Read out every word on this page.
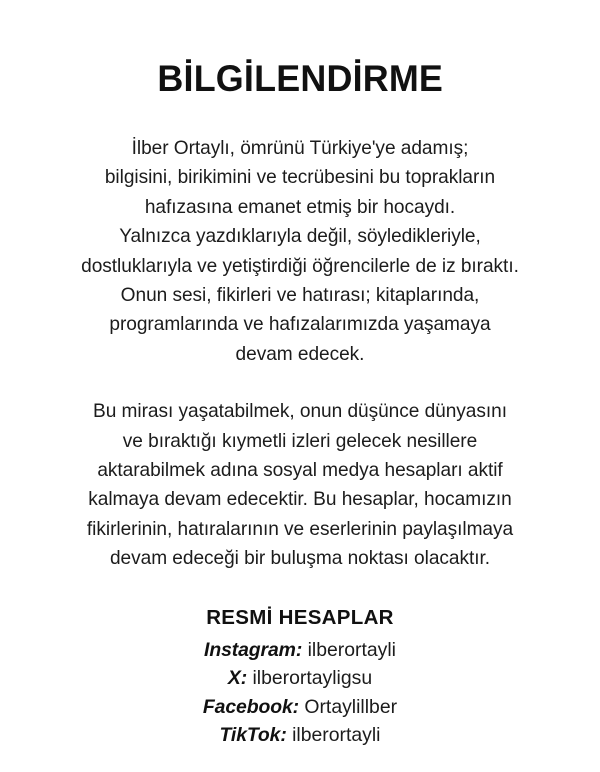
BİLGİLENDİRME

İlber Ortaylı, ömrünü Türkiye'ye adamış;
bilgisini, birikimini ve tecrübesini bu toprakların
hafızasına emanet etmiş bir hocaydı.
Yalnızca yazdıklarıyla değil, söyledikleriyle,
dostluklarıyla ve yetiştirdiği öğrencilerle de iz bıraktı.
Onun sesi, fikirleri ve hatırası; kitaplarında,
programlarında ve hafızalarımızda yaşamaya
devam edecek.

Bu mirası yaşatabilmek, onun düşünce dünyasını
ve bıraktığı kıymetli izleri gelecek nesillere
aktarabilmek adına sosyal medya hesapları aktif
kalmaya devam edecektir. Bu hesaplar, hocamızın
fikirlerinin, hatıralarının ve eserlerinin paylaşılmaya
devam edeceği bir buluşma noktası olacaktır.

RESMİ HESAPLAR
Instagram: ilberortayli
X: ilberortayligsu
Facebook: Ortaylillber
TikTok: ilberortayli
